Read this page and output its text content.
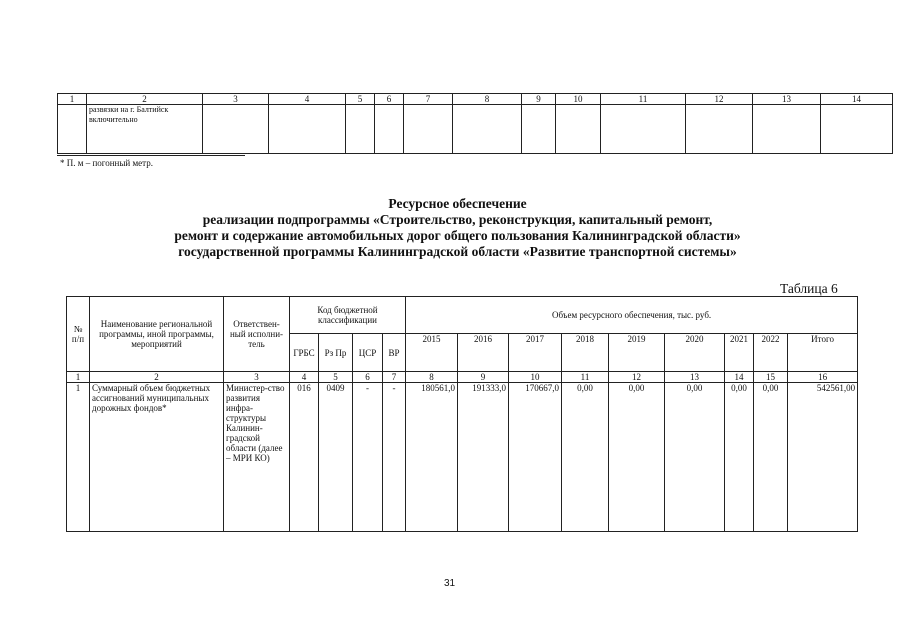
1	2	3	4	5	6	7	8	9	10	11	12	13	14
	развязки на г. Балтийск включительно												
* П. м – погонный метр.
Ресурсное обеспечение
реализации подпрограммы «Строительство, реконструкция, капитальный ремонт,
ремонт и содержание автомобильных дорог общего пользования Калининградской области»
государственной программы Калининградской области «Развитие транспортной системы»
Таблица 6
№ п/п	Наименование региональной программы, иной программы, мероприятий	Ответствен-ный исполни-тель	Код бюджетной классификации				Объем ресурсного обеспечения, тыс. руб.								
			ГРБС	Рз Пр	ЦСР	ВР	2015	2016	2017	2018	2019	2020	2021	2022	Итого
1	2	3	4	5	6	7	8	9	10	11	12	13	14	15	16
1	Суммарный объем бюджетных ассигнований муниципальных дорожных фондов*	Министер-ство развития инфра-структуры Калинин-градской области (далее – МРИ КО)	016	0409	-	-	180561,0	191333,0	170667,0	0,00	0,00	0,00	0,00	0,00	542561,00
31
